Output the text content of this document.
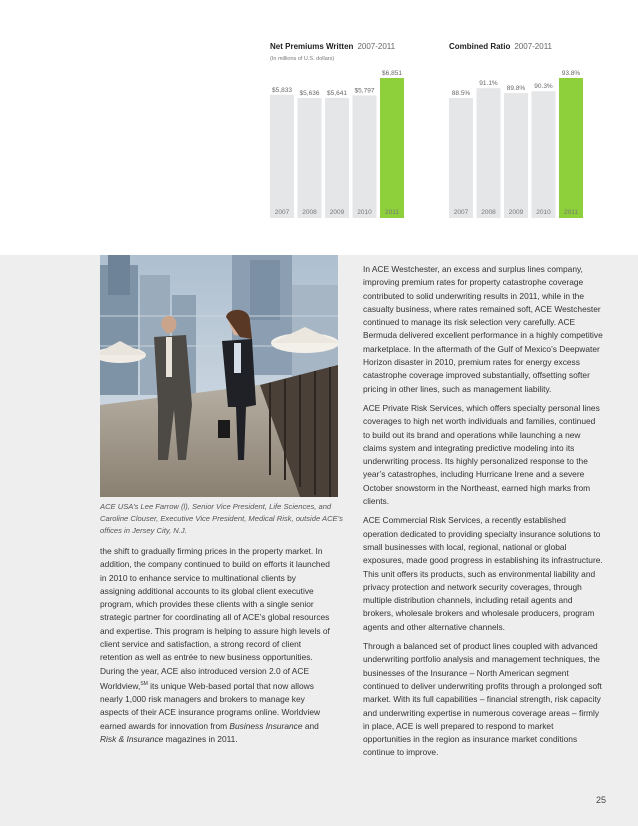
Net Premiums Written 2007-2011
(In millions of U.S. dollars)
$5,833
2007
$5,636
2008
$5,641
2009
$5,797
2010
$6,851
2011
Combined Ratio 2007-2011
88.5%
2007
91.1%
2008
89.8%
2009
90.3%
2010
93.8%
2011
ACE USA’s Lee Farrow (l), Senior Vice President, Life Sciences, and Caroline Clouser, Executive Vice President, Medical Risk, outside ACE’s offices in Jersey City, N.J.

the shift to gradually firming prices in the property market. In addition, the company continued to build on efforts it launched in 2010 to enhance service to multinational clients by assigning additional accounts to its global client executive program, which provides these clients with a single senior strategic partner for coordinating all of ACE’s global resources and expertise. This program is helping to assure high levels of client service and satisfaction, a strong record of client retention as well as entrée to new business opportunities. During the year, ACE also introduced version 2.0 of ACE Worldview,℠ its unique Web-based portal that now allows nearly 1,000 risk managers and brokers to manage key aspects of their ACE insurance programs online. Worldview earned awards for innovation from Business Insurance and Risk & Insurance magazines in 2011.

In ACE Westchester, an excess and surplus lines company, improving premium rates for property catastrophe coverage contributed to solid underwriting results in 2011, while in the casualty business, where rates remained soft, ACE Westchester continued to manage its risk selection very carefully. ACE Bermuda delivered excellent performance in a highly competitive marketplace. In the aftermath of the Gulf of Mexico’s Deepwater Horizon disaster in 2010, premium rates for energy excess catastrophe coverage improved substantially, offsetting softer pricing in other lines, such as management liability.

ACE Private Risk Services, which offers specialty personal lines coverages to high net worth individuals and families, continued to build out its brand and operations while launching a new claims system and integrating predictive modeling into its underwriting process. Its highly personalized response to the year’s catastrophes, including Hurricane Irene and a severe October snowstorm in the Northeast, earned high marks from clients.

ACE Commercial Risk Services, a recently established operation dedicated to providing specialty insurance solutions to small businesses with local, regional, national or global exposures, made good progress in establishing its infrastructure. This unit offers its products, such as environmental liability and privacy protection and network security coverages, through multiple distribution channels, including retail agents and brokers, wholesale brokers and wholesale producers, program agents and other alternative channels.

Through a balanced set of product lines coupled with advanced underwriting portfolio analysis and management techniques, the businesses of the Insurance – North American segment continued to deliver underwriting profits through a prolonged soft market. With its full capabilities – financial strength, risk capacity and underwriting expertise in numerous coverage areas – firmly in place, ACE is well prepared to respond to market opportunities in the region as insurance market conditions continue to improve.

25
